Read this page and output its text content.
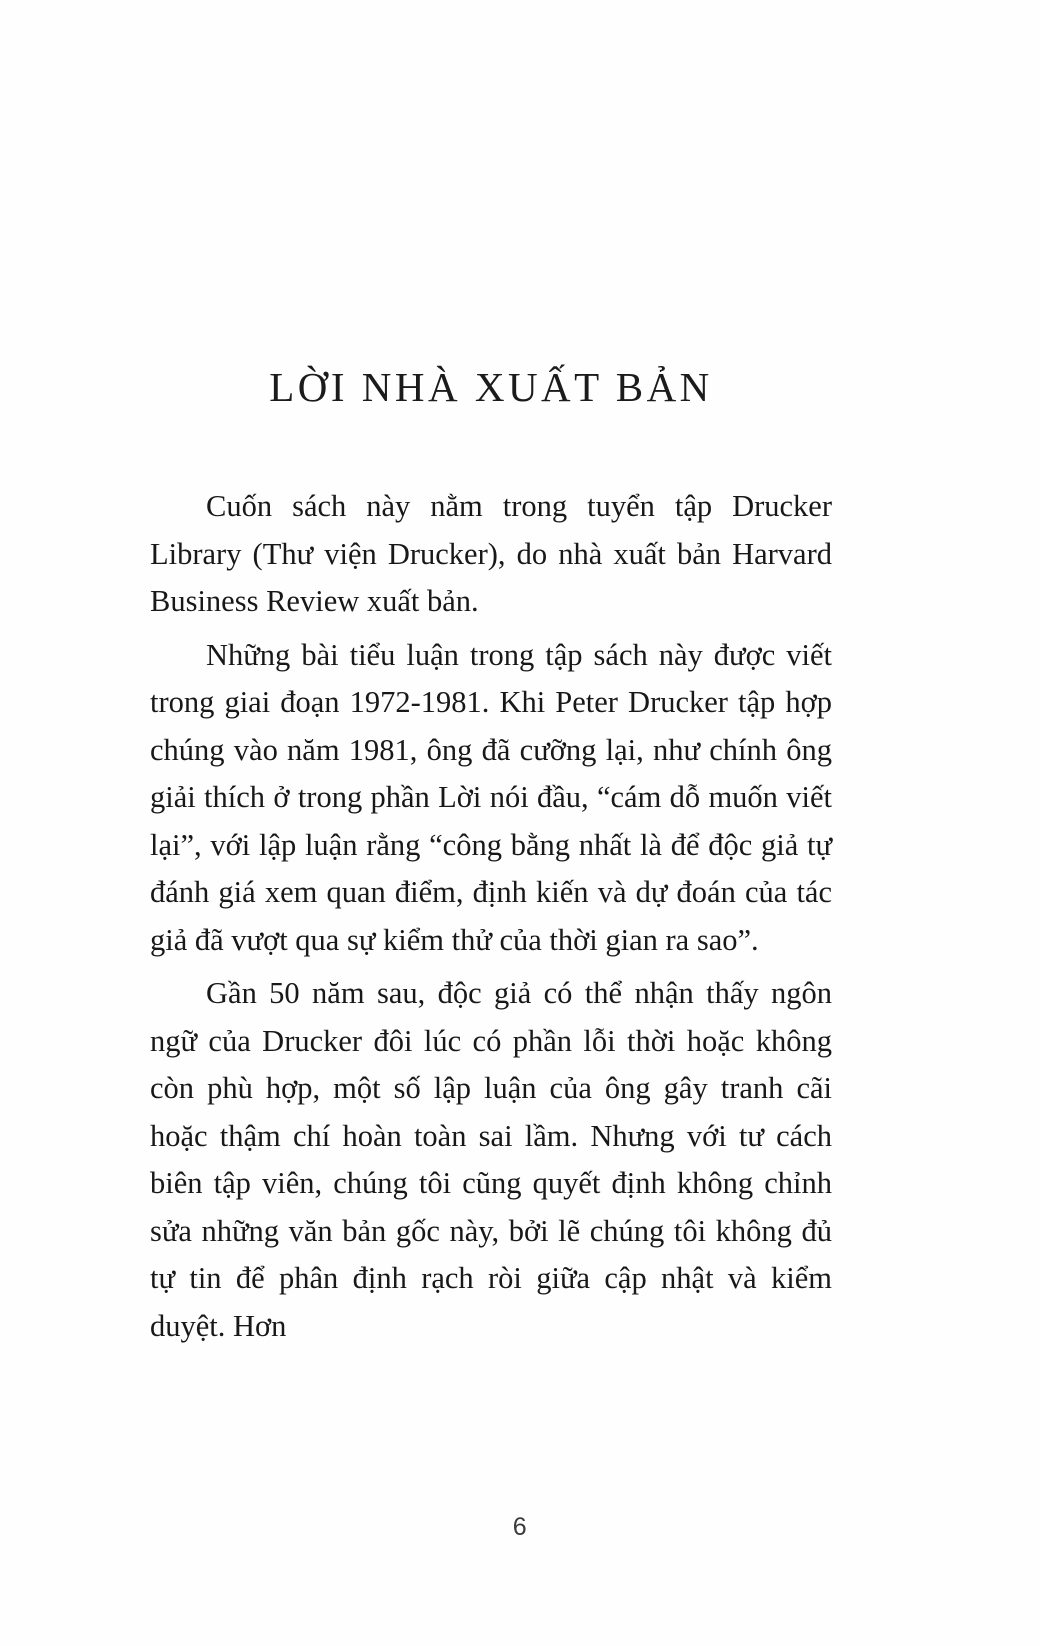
LỜI NHÀ XUẤT BẢN

Cuốn sách này nằm trong tuyển tập Drucker Library (Thư viện Drucker), do nhà xuất bản Harvard Business Review xuất bản.

Những bài tiểu luận trong tập sách này được viết trong giai đoạn 1972-1981. Khi Peter Drucker tập hợp chúng vào năm 1981, ông đã cưỡng lại, như chính ông giải thích ở trong phần Lời nói đầu, “cám dỗ muốn viết lại”, với lập luận rằng “công bằng nhất là để độc giả tự đánh giá xem quan điểm, định kiến và dự đoán của tác giả đã vượt qua sự kiểm thử của thời gian ra sao”.

Gần 50 năm sau, độc giả có thể nhận thấy ngôn ngữ của Drucker đôi lúc có phần lỗi thời hoặc không còn phù hợp, một số lập luận của ông gây tranh cãi hoặc thậm chí hoàn toàn sai lầm. Nhưng với tư cách biên tập viên, chúng tôi cũng quyết định không chỉnh sửa những văn bản gốc này, bởi lẽ chúng tôi không đủ tự tin để phân định rạch ròi giữa cập nhật và kiểm duyệt. Hơn

6
